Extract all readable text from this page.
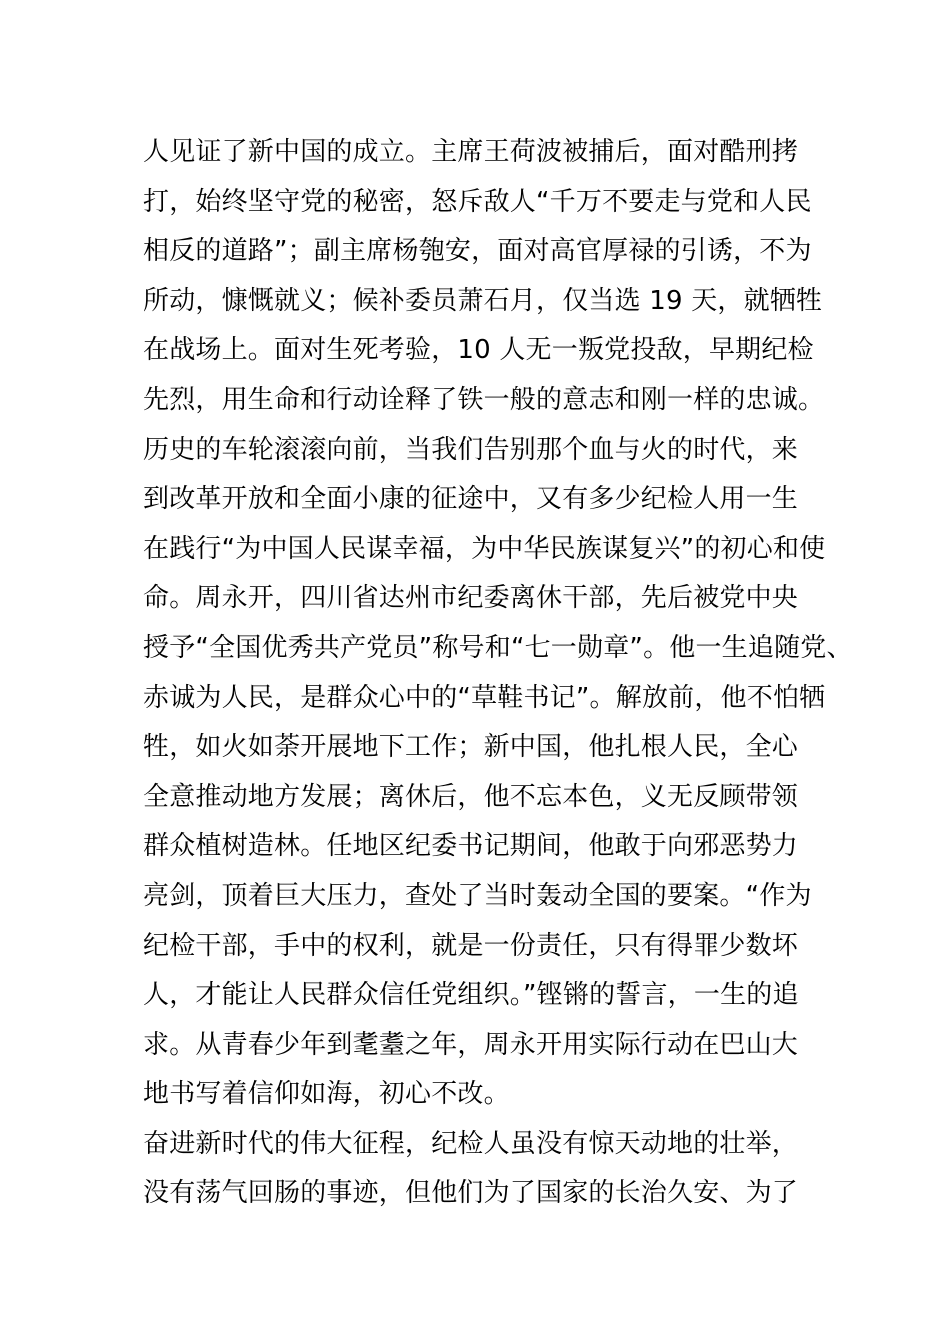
人见证了新中国的成立。主席王荷波被捕后，面对酷刑拷
打，始终坚守党的秘密，怒斥敌人“千万不要走与党和人民
相反的道路”；副主席杨匏安，面对高官厚禄的引诱，不为
所动，慷慨就义；候补委员萧石月，仅当选 19 天，就牺牲
在战场上。面对生死考验，10 人无一叛党投敌，早期纪检
先烈，用生命和行动诠释了铁一般的意志和刚一样的忠诚。
历史的车轮滚滚向前，当我们告别那个血与火的时代，来
到改革开放和全面小康的征途中，又有多少纪检人用一生
在践行“为中国人民谋幸福，为中华民族谋复兴”的初心和使
命。周永开，四川省达州市纪委离休干部，先后被党中央
授予“全国优秀共产党员”称号和“七一勋章”。他一生追随党、
赤诚为人民，是群众心中的“草鞋书记”。解放前，他不怕牺
牲，如火如荼开展地下工作；新中国，他扎根人民，全心
全意推动地方发展；离休后，他不忘本色，义无反顾带领
群众植树造林。任地区纪委书记期间，他敢于向邪恶势力
亮剑，顶着巨大压力，查处了当时轰动全国的要案。“作为
纪检干部，手中的权利，就是一份责任，只有得罪少数坏
人，才能让人民群众信任党组织。”铿锵的誓言，一生的追
求。从青春少年到耄耋之年，周永开用实际行动在巴山大
地书写着信仰如海，初心不改。
奋进新时代的伟大征程，纪检人虽没有惊天动地的壮举，
没有荡气回肠的事迹，但他们为了国家的长治久安、为了
